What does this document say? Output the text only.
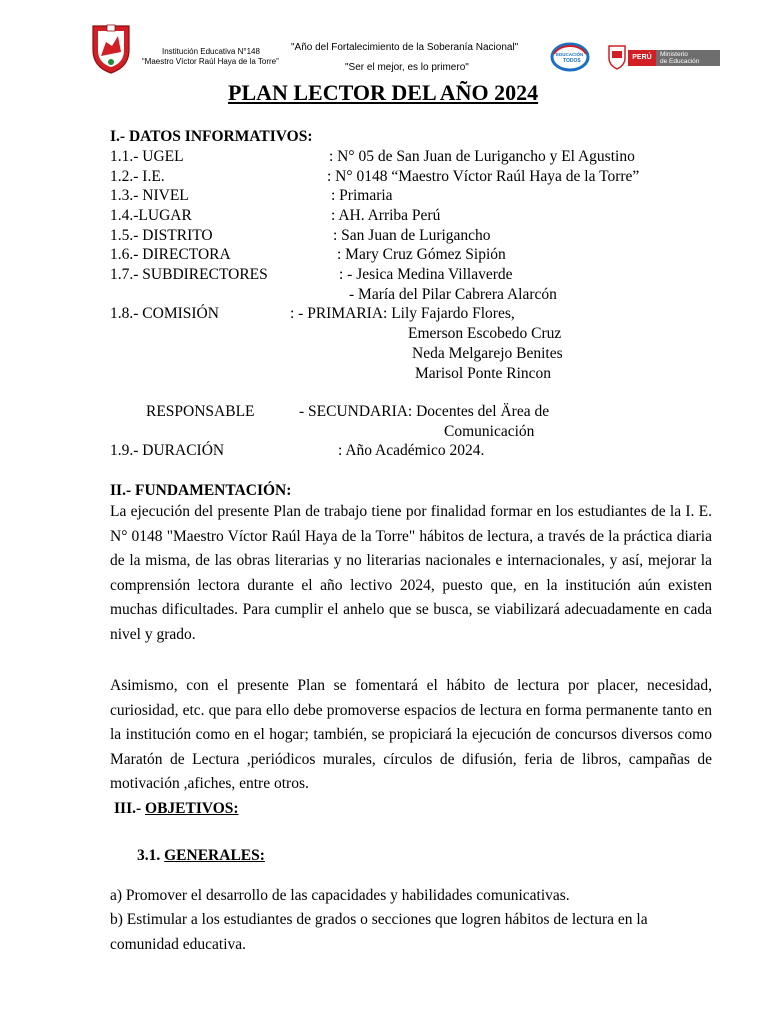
Institución Educativa N°148
“Maestro Víctor Raúl Haya de la Torre”
"Año del Fortalecimiento de la Soberanía Nacional"
"Ser el mejor, es lo primero"
EDUCACIÓN
TODOS	PERÚ	Ministerio
de Educación
PLAN LECTOR DEL AÑO 2024
I.- DATOS INFORMATIVOS:
1.1.- UGEL	: N° 05 de San Juan de Lurigancho y El Agustino
1.2.- I.E.	: N° 0148 “Maestro Víctor Raúl Haya de la Torre”
1.3.- NIVEL	: Primaria
1.4.-LUGAR	: AH. Arriba Perú
1.5.- DISTRITO	: San Juan de Lurigancho
1.6.- DIRECTORA	: Mary Cruz Gómez Sipión
1.7.- SUBDIRECTORES	: - Jesica Medina Villaverde
- María del Pilar Cabrera Alarcón
1.8.- COMISIÓN	: - PRIMARIA: Lily Fajardo Flores,
Emerson Escobedo Cruz
Neda Melgarejo Benites
Marisol Ponte Rincon
RESPONSABLE	- SECUNDARIA: Docentes del Ärea de
Comunicación
1.9.- DURACIÓN	: Año Académico 2024.
II.- FUNDAMENTACIÓN:
La ejecución del presente Plan de trabajo tiene por finalidad formar en los estudiantes de la I. E. N° 0148 "Maestro Víctor Raúl Haya de la Torre" hábitos de lectura, a través de la práctica diaria de la misma, de las obras literarias y no literarias nacionales e internacionales, y así, mejorar la comprensión lectora durante el año lectivo 2024, puesto que, en la institución aún existen muchas dificultades. Para cumplir el anhelo que se busca, se viabilizará adecuadamente en cada nivel y grado.
Asimismo, con el presente Plan se fomentará el hábito de lectura por placer, necesidad, curiosidad, etc. que para ello debe promoverse espacios de lectura en forma permanente tanto en la institución como en el hogar; también, se propiciará la ejecución de concursos diversos como Maratón de Lectura ,periódicos murales, círculos de difusión, feria de libros, campañas de motivación ,afiches, entre otros.
III.- OBJETIVOS:
3.1. GENERALES:
a) Promover el desarrollo de las capacidades y habilidades comunicativas.
b) Estimular a los estudiantes de grados o secciones que logren hábitos de lectura en la comunidad educativa.
